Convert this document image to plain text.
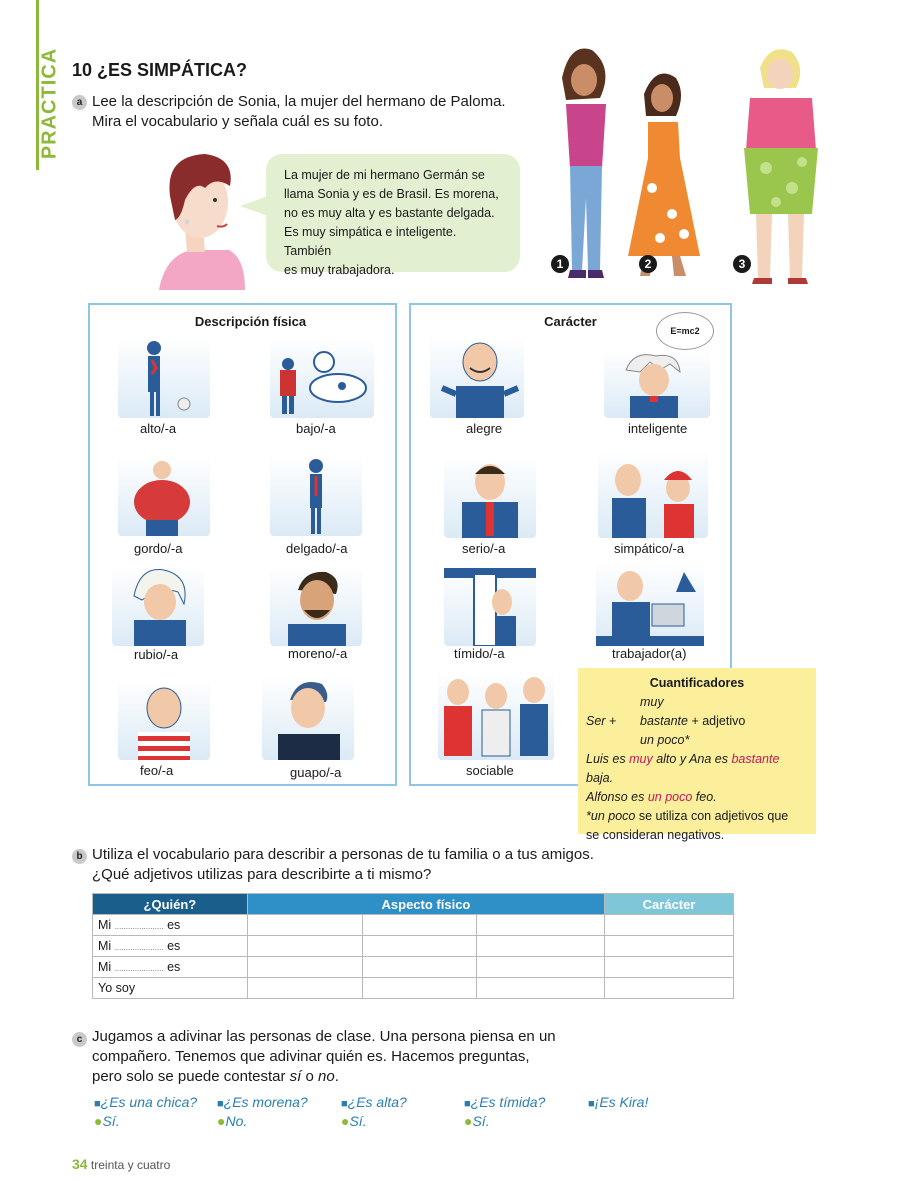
PRACTICA 10 ¿ES SIMPÁTICA?
a Lee la descripción de Sonia, la mujer del hermano de Paloma.
Mira el vocabulario y señala cuál es su foto.
La mujer de mi hermano Germán se
llama Sonia y es de Brasil. Es morena,
no es muy alta y es bastante delgada.
Es muy simpática e inteligente. También
es muy trabajadora.	1	2	3
Descripción física	Carácter
alto/-a	bajo/-a
gordo/-a	delgado/-a
rubio/-a	moreno/-a
feo/-a	guapo/-a
E=mc2
alegre	inteligente
serio/-a	simpático/-a
tímido/-a	trabajador(a)
sociable
Cuantificadores
muy
Ser + bastante + adjetivo
un poco*
Luis es muy alto y Ana es bastante baja.
Alfonso es un poco feo.
*un poco se utiliza con adjetivos que
se consideran negativos.
b Utiliza el vocabulario para describir a personas de tu familia o a tus amigos.
¿Qué adjetivos utilizas para describirte a ti mismo?
¿Quién?	Aspecto físico			Carácter
Mi ...................... es				
Mi ...................... es				
Mi ...................... es				
Yo soy				
c Jugamos a adivinar las personas de clase. Una persona piensa en un
compañero. Tenemos que adivinar quién es. Hacemos preguntas,
pero solo se puede contestar sí o no.
■¿Es una chica? ■¿Es morena?	■¿Es alta?	■¿Es tímida?	■¡Es Kira!
●Sí.	●No.	●Sí.	●Sí.
34 treinta y cuatro
